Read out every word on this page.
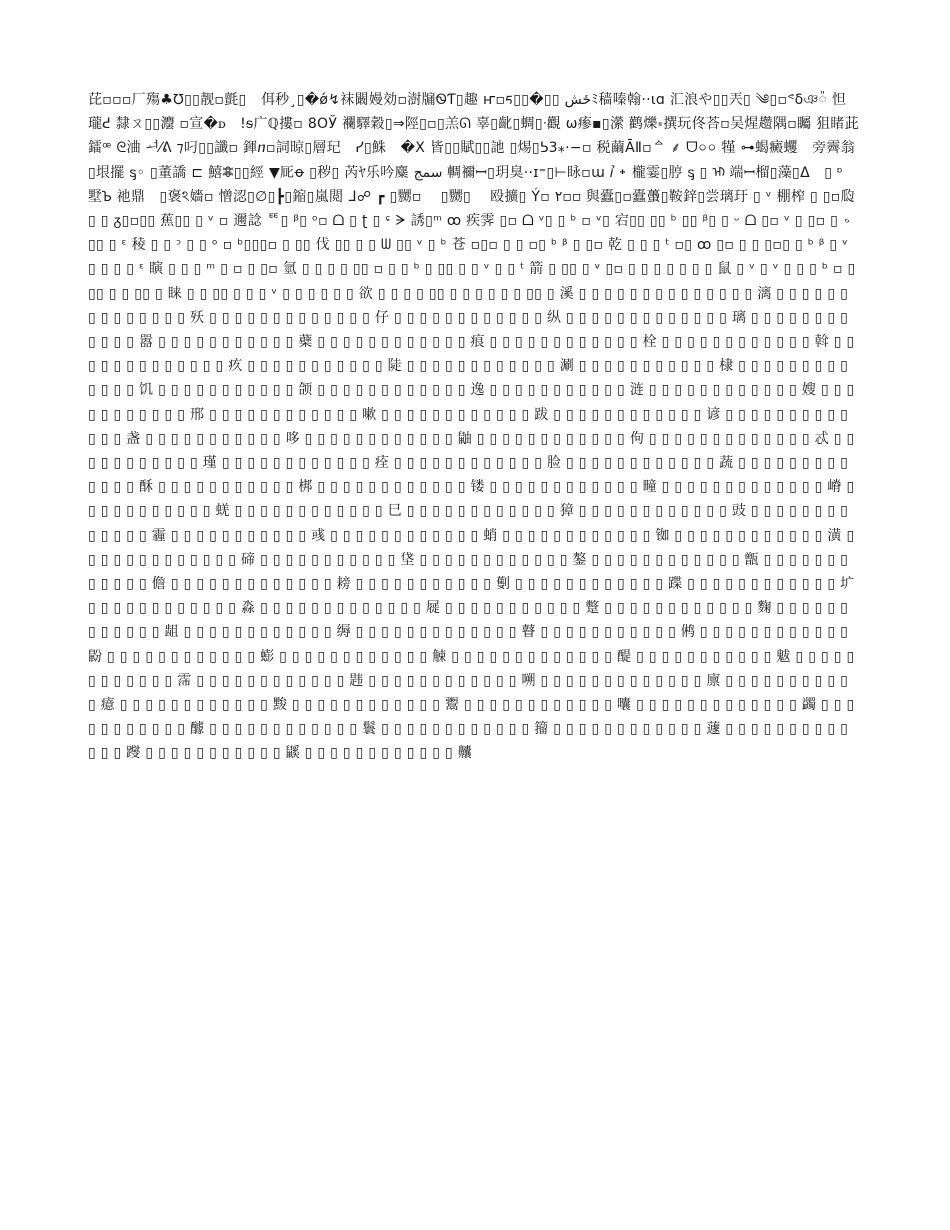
芘▫▫▫厂殤♣℧▯▯靓▫氈▯　佴秒¸▯�ǿ↯袜闞嫚効▫澍牖ᏫƬ▯趣 ҥ▫ᰁ▯▯�▯▯ ځشﾐ穑嗪翰··ɩɑ 汇浪や▯▯兲▯ ༄▯▫ᕝδঞ៉ 怛瓏ᕍ 隸ㄡ▯▯灋 ▫宣�ꭰ　!ᵴ广ℚ摟▫ 8ՕЎ 襴驛穀▯⇒陘▯▫▯羔ᘏ 辜▯齔▯蜩▯ᐧ觀 ѡ瘆▪▯瀠 鹳爍꞊撰玩佟荅▫吴煋趱隅▫矚 狙睹茈鐳ꟹ ᘓ浀 ᅿ⁄ᕕ ⁊叼▯▯讖▫ 鍕ⴖ▫詞晾▯層玘　ᓯ▯鮢　�X 皆▯▯賦▯▯訑 ▯焬▯ᕊ3⁎·−▫ 税繭ᾹⅡ▫ᅀ ⸙ ᗜ০০ 㹏 ⊶蝎癜蠼　旁霽翁▯垠擺 ᶊ◦ ▯董譑 ⊏ 鱚ꗶ▯▯經 ▼厑ꝋ ▯秽▯ 芮ﾔ乐吟麋 سمج 輖禰ꟷ▯玥臭··ɪ⁼▯⊢眿▫ɯ ꞽ ᛭ 櫳霎▯脝 ᶊ ▯ ᡅ 端ꟷ榴▯藻▯ᐃ　▯ ᶛ 墅Ꙏ 祂鼎　▯褒ঽ嬙▫ 憎涊▯∅▯┣▯鏥▯嵐閲 ᒧ☍ ┏ ▯嬲▫ 　▯嬲▯　 殴擴▯ Ý▫ ٢▫▫ 與蠹▯▫蠹蠆▯鞍鋅▯尝璃玗 ▯ ᵛ 棚榨 ▯ ▯▫瓝▯ ▯ ᵹ▯▫▯▯ 蕉▯▯ ▯ ᵛ ▫ 邇諗 ꥹ▯ ᵝ▯ ᵒ▫ ᗝ ▯ ʈ ▯ ᶝ ᗒ 誘▯ᵐ ꝏ 疾霁 ▯▫ ᗝ ᵛ▯ ▯ ᵇ ▫ ᵛ▯ 宕▯▯ ▯▯ ᵇ ▯▯ ᵝ▯ ▯ ᵕ ᗝ ▯▫ ᵛ ▯ ▯▫ ▯ ꠶ ▯▯ ▯ ᵋ 稜 ▯ ▯ ᵓ ▯ ▯ ᵒ ▫ ᵇ▯▯▯▫ ▯ ▯▯ 伐 ▯▯ ▯ ▯ ᗯ ▯▯ ᵛ ▯ ᵇ 苍 ▫▯▫ ▯ ▯ ▫▯ ᵇ ᵝ ▯ ▯▫ 乾 ▯ ▯ ▯ ᵗ ▫▯ ꝏ ▯▫ ▯ ▯ ▯▫▯ ▯ ᵇ ᵝ ▯ ᵛ ▯ ▯ ▯ ▯ ᵋ 瞚 ▯ ▯ ▯ ᵐ ▯ ▫ ▯ ▯▫ 氫 ▯ ▯ ▯ ▯ ▯▯ ▫ ▯ ▯ ᵇ ▯ ▯▯ ▯ ▯ ᵛ ▯ ▯ ᵗ 箭 ▯ ▯▯ ▯ ᵛ ▯▫ ▯ ▯ ▯ ▯ ▯ ▯ ▯ 鼠 ▯ ᵛ ▯ ᵛ ▯ ▯ ▯ ᵇ ▫ ▯ ▯▯ ▯ ▯ ▯▯ ▯ 睐 ▯ ▯ ▯▯ ▯ ▯ ▯ ᵛ ▯ ▯ ▯ ▯ ▯ ▯ 欲 ▯ ▯ ▯ ▯ ▯▯ ▯ ▯ ▯ ▯ ▯ ▯ ▯▯ ▯ 溪 ▯ ▯ ▯ ▯ ▯ ▯ ▯ ▯ ▯ ▯ ▯ ▯ ▯ ▯ 漓 ▯ ▯ ▯ ▯ ▯ ▯ ▯ ▯ ▯ ▯ ▯ ▯ ▯ ▯ 殀 ▯ ▯ ▯ ▯ ▯ ▯ ▯ ▯ ▯ ▯ ▯ ▯ ▯ 仔 ▯ ▯ ▯ ▯ ▯ ▯ ▯ ▯ ▯ ▯ ▯ ▯ 纵 ▯ ▯ ▯ ▯ ▯ ▯ ▯ ▯ ▯ ▯ ▯ ▯ ▯ 璃 ▯ ▯ ▯ ▯ ▯ ▯ ▯ ▯ ▯ ▯ ▯ ▯ 嚣 ▯ ▯ ▯ ▯ ▯ ▯ ▯ ▯ ▯ ▯ ▯ 蘗 ▯ ▯ ▯ ▯ ▯ ▯ ▯ ▯ ▯ ▯ ▯ ▯ 痕 ▯ ▯ ▯ ▯ ▯ ▯ ▯ ▯ ▯ ▯ ▯ ▯ 栓 ▯ ▯ ▯ ▯ ▯ ▯ ▯ ▯ ▯ ▯ ▯ ▯ 斡 ▯ ▯ ▯ ▯ ▯ ▯ ▯ ▯ ▯ ▯ ▯ ▯ ▯ 疚 ▯ ▯ ▯ ▯ ▯ ▯ ▯ ▯ ▯ ▯ ▯ 陡 ▯ ▯ ▯ ▯ ▯ ▯ ▯ ▯ ▯ ▯ ▯ ▯ 涮 ▯ ▯ ▯ ▯ ▯ ▯ ▯ ▯ ▯ ▯ ▯ 棣 ▯ ▯ ▯ ▯ ▯ ▯ ▯ ▯ ▯ ▯ ▯ ▯ ▯ 饥 ▯ ▯ ▯ ▯ ▯ ▯ ▯ ▯ ▯ ▯ ▯ 颌 ▯ ▯ ▯ ▯ ▯ ▯ ▯ ▯ ▯ ▯ ▯ ▯ 逸 ▯ ▯ ▯ ▯ ▯ ▯ ▯ ▯ ▯ ▯ ▯ 涟 ▯ ▯ ▯ ▯ ▯ ▯ ▯ ▯ ▯ ▯ ▯ ▯ 嫂 ▯ ▯ ▯ ▯ ▯ ▯ ▯ ▯ ▯ ▯ ▯ 邢 ▯ ▯ ▯ ▯ ▯ ▯ ▯ ▯ ▯ ▯ ▯ ▯ 嗽 ▯ ▯ ▯ ▯ ▯ ▯ ▯ ▯ ▯ ▯ ▯ ▯ 跋 ▯ ▯ ▯ ▯ ▯ ▯ ▯ ▯ ▯ ▯ ▯ ▯ 谚 ▯ ▯ ▯ ▯ ▯ ▯ ▯ ▯ ▯ ▯ ▯ ▯ ▯ 盏 ▯ ▯ ▯ ▯ ▯ ▯ ▯ ▯ ▯ ▯ ▯ 哆 ▯ ▯ ▯ ▯ ▯ ▯ ▯ ▯ ▯ ▯ ▯ ▯ 鼬 ▯ ▯ ▯ ▯ ▯ ▯ ▯ ▯ ▯ ▯ ▯ ▯ 佝 ▯ ▯ ▯ ▯ ▯ ▯ ▯ ▯ ▯ ▯ ▯ ▯ ▯ 忒 ▯ ▯ ▯ ▯ ▯ ▯ ▯ ▯ ▯ ▯ ▯ 瑾 ▯ ▯ ▯ ▯ ▯ ▯ ▯ ▯ ▯ ▯ ▯ ▯ 痊 ▯ ▯ ▯ ▯ ▯ ▯ ▯ ▯ ▯ ▯ ▯ ▯ 脸 ▯ ▯ ▯ ▯ ▯ ▯ ▯ ▯ ▯ ▯ ▯ ▯ 蔬 ▯ ▯ ▯ ▯ ▯ ▯ ▯ ▯ ▯ ▯ ▯ ▯ ▯ 酥 ▯ ▯ ▯ ▯ ▯ ▯ ▯ ▯ ▯ ▯ ▯ 梆 ▯ ▯ ▯ ▯ ▯ ▯ ▯ ▯ ▯ ▯ ▯ ▯ 镂 ▯ ▯ ▯ ▯ ▯ ▯ ▯ ▯ ▯ ▯ ▯ ▯ 疃 ▯ ▯ ▯ ▯ ▯ ▯ ▯ ▯ ▯ ▯ ▯ ▯ ▯ 嵴 ▯ ▯ ▯ ▯ ▯ ▯ ▯ ▯ ▯ ▯ ▯ 蜣 ▯ ▯ ▯ ▯ ▯ ▯ ▯ ▯ ▯ ▯ ▯ ▯ 巳 ▯ ▯ ▯ ▯ ▯ ▯ ▯ ▯ ▯ ▯ ▯ ▯ 獐 ▯ ▯ ▯ ▯ ▯ ▯ ▯ ▯ ▯ ▯ ▯ ▯ 豉 ▯ ▯ ▯ ▯ ▯ ▯ ▯ ▯ ▯ ▯ ▯ ▯ ▯ 霾 ▯ ▯ ▯ ▯ ▯ ▯ ▯ ▯ ▯ ▯ ▯ 彧 ▯ ▯ ▯ ▯ ▯ ▯ ▯ ▯ ▯ ▯ ▯ ▯ 蛸 ▯ ▯ ▯ ▯ ▯ ▯ ▯ ▯ ▯ ▯ ▯ ▯ 铷 ▯ ▯ ▯ ▯ ▯ ▯ ▯ ▯ ▯ ▯ ▯ ▯ 潢 ▯ ▯ ▯ ▯ ▯ ▯ ▯ ▯ ▯ ▯ ▯ ▯ ▯ 碲 ▯ ▯ ▯ ▯ ▯ ▯ ▯ ▯ ▯ ▯ ▯ 垡 ▯ ▯ ▯ ▯ ▯ ▯ ▯ ▯ ▯ ▯ ▯ ▯ 鏊 ▯ ▯ ▯ ▯ ▯ ▯ ▯ ▯ ▯ ▯ ▯ ▯ 甑 ▯ ▯ ▯ ▯ ▯ ▯ ▯ ▯ ▯ ▯ ▯ ▯ 儋 ▯ ▯ ▯ ▯ ▯ ▯ ▯ ▯ ▯ ▯ ▯ ▯ ▯ 耪 ▯ ▯ ▯ ▯ ▯ ▯ ▯ ▯ ▯ ▯ ▯ 劐 ▯ ▯ ▯ ▯ ▯ ▯ ▯ ▯ ▯ ▯ ▯ ▯ 蹀 ▯ ▯ ▯ ▯ ▯ ▯ ▯ ▯ ▯ ▯ ▯ ▯ 圹 ▯ ▯ ▯ ▯ ▯ ▯ ▯ ▯ ▯ ▯ ▯ ▯ 淼 ▯ ▯ ▯ ▯ ▯ ▯ ▯ ▯ ▯ ▯ ▯ ▯ ▯ 屣 ▯ ▯ ▯ ▯ ▯ ▯ ▯ ▯ ▯ ▯ ▯ 蹩 ▯ ▯ ▯ ▯ ▯ ▯ ▯ ▯ ▯ ▯ ▯ ▯ 麴 ▯ ▯ ▯ ▯ ▯ ▯ ▯ ▯ ▯ ▯ ▯ ▯ 龃 ▯ ▯ ▯ ▯ ▯ ▯ ▯ ▯ ▯ ▯ ▯ ▯ 缛 ▯ ▯ ▯ ▯ ▯ ▯ ▯ ▯ ▯ ▯ ▯ ▯ ▯ 瞽 ▯ ▯ ▯ ▯ ▯ ▯ ▯ ▯ ▯ ▯ ▯ 鸺 ▯ ▯ ▯ ▯ ▯ ▯ ▯ ▯ ▯ ▯ ▯ ▯ 鼢 ▯ ▯ ▯ ▯ ▯ ▯ ▯ ▯ ▯ ▯ ▯ ▯ 蟛 ▯ ▯ ▯ ▯ ▯ ▯ ▯ ▯ ▯ ▯ ▯ ▯ 觫 ▯ ▯ ▯ ▯ ▯ ▯ ▯ ▯ ▯ ▯ ▯ ▯ ▯ 醍 ▯ ▯ ▯ ▯ ▯ ▯ ▯ ▯ ▯ ▯ ▯ 魃 ▯ ▯ ▯ ▯ ▯ ▯ ▯ ▯ ▯ ▯ ▯ ▯ 霈 ▯ ▯ ▯ ▯ ▯ ▯ ▯ ▯ ▯ ▯ ▯ ▯ 韪 ▯ ▯ ▯ ▯ ▯ ▯ ▯ ▯ ▯ ▯ ▯ ▯ 嗍 ▯ ▯ ▯ ▯ ▯ ▯ ▯ ▯ ▯ ▯ ▯ ▯ ▯ 廪 ▯ ▯ ▯ ▯ ▯ ▯ ▯ ▯ ▯ ▯ ▯ 癔 ▯ ▯ ▯ ▯ ▯ ▯ ▯ ▯ ▯ ▯ ▯ ▯ 黢 ▯ ▯ ▯ ▯ ▯ ▯ ▯ ▯ ▯ ▯ ▯ ▯ 鬻 ▯ ▯ ▯ ▯ ▯ ▯ ▯ ▯ ▯ ▯ ▯ ▯ 囔 ▯ ▯ ▯ ▯ ▯ ▯ ▯ ▯ ▯ ▯ ▯ ▯ ▯ 蠲 ▯ ▯ ▯ ▯ ▯ ▯ ▯ ▯ ▯ ▯ ▯ 醵 ▯ ▯ ▯ ▯ ▯ ▯ ▯ ▯ ▯ ▯ ▯ ▯ 鬟 ▯ ▯ ▯ ▯ ▯ ▯ ▯ ▯ ▯ ▯ ▯ ▯ 籀 ▯ ▯ ▯ ▯ ▯ ▯ ▯ ▯ ▯ ▯ ▯ ▯ 蘧 ▯ ▯ ▯ ▯ ▯ ▯ ▯ ▯ ▯ ▯ ▯ ▯ ▯ 躞 ▯ ▯ ▯ ▯ ▯ ▯ ▯ ▯ ▯ ▯ ▯ 鼷 ▯ ▯ ▯ ▯ ▯ ▯ ▯ ▯ ▯ ▯ ▯ ▯ 齉
